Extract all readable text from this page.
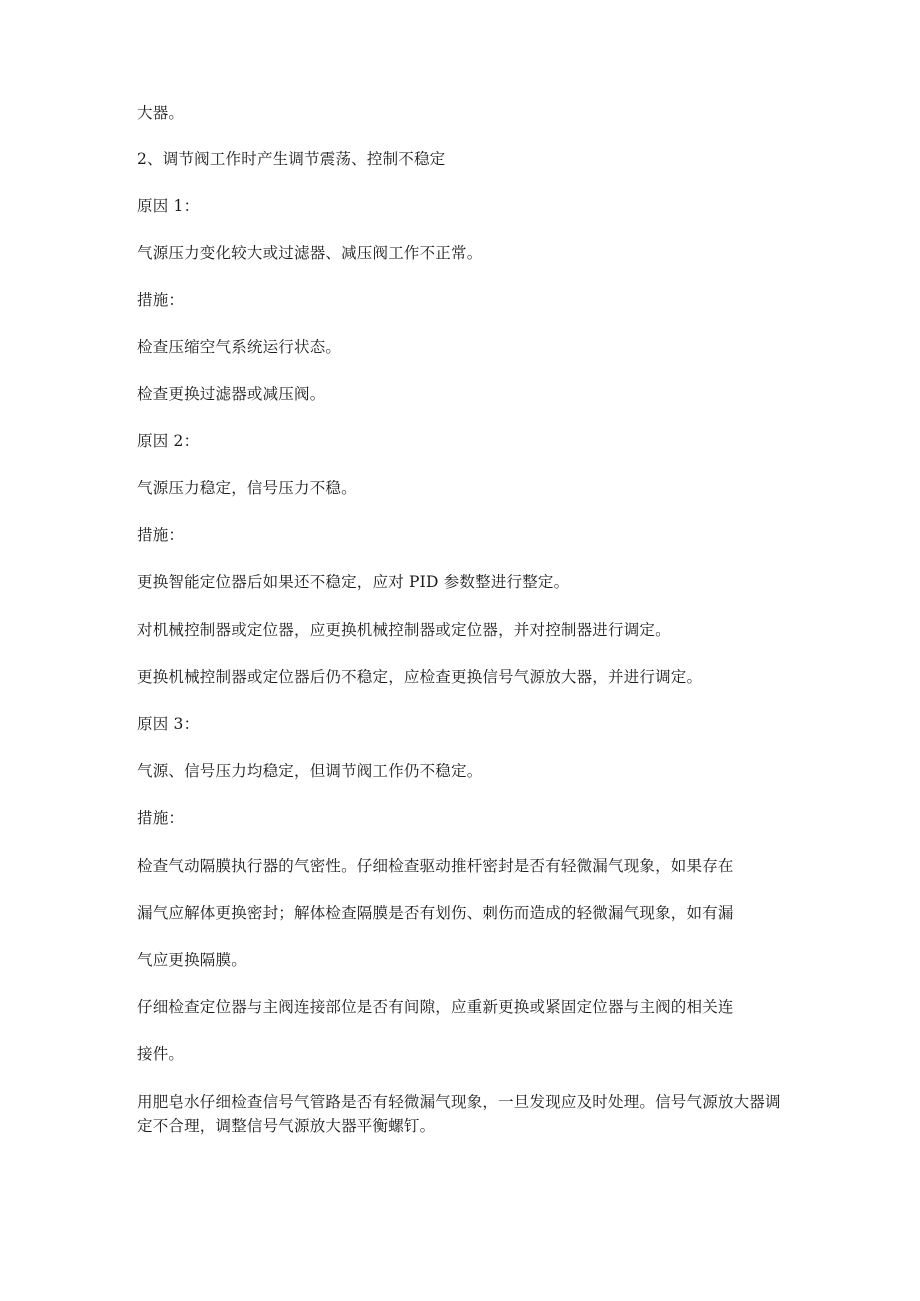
大器。
2、调节阀工作时产生调节震荡、控制不稳定
原因 1：
气源压力变化较大或过滤器、减压阀工作不正常。
措施：
检查压缩空气系统运行状态。
检查更换过滤器或减压阀。
原因 2：
气源压力稳定，信号压力不稳。
措施：
更换智能定位器后如果还不稳定，应对 PID 参数整进行整定。
对机械控制器或定位器，应更换机械控制器或定位器，并对控制器进行调定。
更换机械控制器或定位器后仍不稳定，应检查更换信号气源放大器，并进行调定。
原因 3：
气源、信号压力均稳定，但调节阀工作仍不稳定。
措施：
检查气动隔膜执行器的气密性。仔细检查驱动推杆密封是否有轻微漏气现象，如果存在
漏气应解体更换密封；解体检查隔膜是否有划伤、刺伤而造成的轻微漏气现象，如有漏
气应更换隔膜。
仔细检查定位器与主阀连接部位是否有间隙，应重新更换或紧固定位器与主阀的相关连
接件。
用肥皂水仔细检查信号气管路是否有轻微漏气现象，一旦发现应及时处理。信号气源放大器调定不合理，调整信号气源放大器平衡螺钉。
